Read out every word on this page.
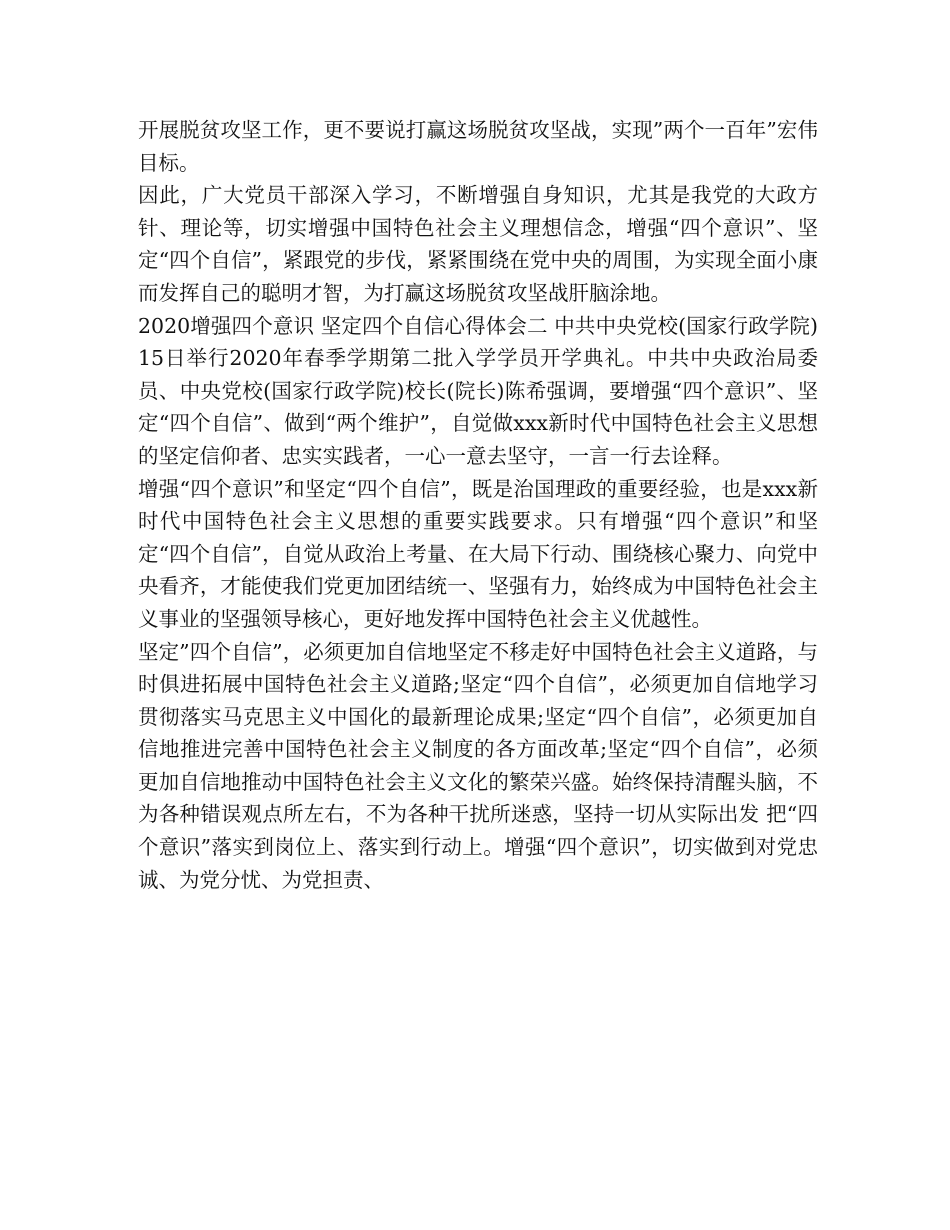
开展脱贫攻坚工作，更不要说打赢这场脱贫攻坚战，实现”两个一百年”宏伟目标。

因此，广大党员干部深入学习，不断增强自身知识，尤其是我党的大政方针、理论等，切实增强中国特色社会主义理想信念，增强“四个意识”、坚定“四个自信”，紧跟党的步伐，紧紧围绕在党中央的周围，为实现全面小康而发挥自己的聪明才智，为打赢这场脱贫攻坚战肝脑涂地。

2020增强四个意识 坚定四个自信心得体会二 中共中央党校(国家行政学院)15日举行2020年春季学期第二批入学学员开学典礼。中共中央政治局委员、中央党校(国家行政学院)校长(院长)陈希强调，要增强“四个意识”、坚定“四个自信”、做到“两个维护”，自觉做xxx新时代中国特色社会主义思想的坚定信仰者、忠实实践者，一心一意去坚守，一言一行去诠释。

增强“四个意识”和坚定“四个自信”，既是治国理政的重要经验，也是xxx新时代中国特色社会主义思想的重要实践要求。只有增强“四个意识”和坚定“四个自信”，自觉从政治上考量、在大局下行动、围绕核心聚力、向党中央看齐，才能使我们党更加团结统一、坚强有力，始终成为中国特色社会主义事业的坚强领导核心，更好地发挥中国特色社会主义优越性。

坚定”四个自信”，必须更加自信地坚定不移走好中国特色社会主义道路，与时俱进拓展中国特色社会主义道路;坚定“四个自信”，必须更加自信地学习贯彻落实马克思主义中国化的最新理论成果;坚定“四个自信”，必须更加自信地推进完善中国特色社会主义制度的各方面改革;坚定“四个自信”，必须更加自信地推动中国特色社会主义文化的繁荣兴盛。始终保持清醒头脑，不为各种错误观点所左右，不为各种干扰所迷惑，坚持一切从实际出发 把“四个意识”落实到岗位上、落实到行动上。增强“四个意识”，切实做到对党忠诚、为党分忧、为党担责、
